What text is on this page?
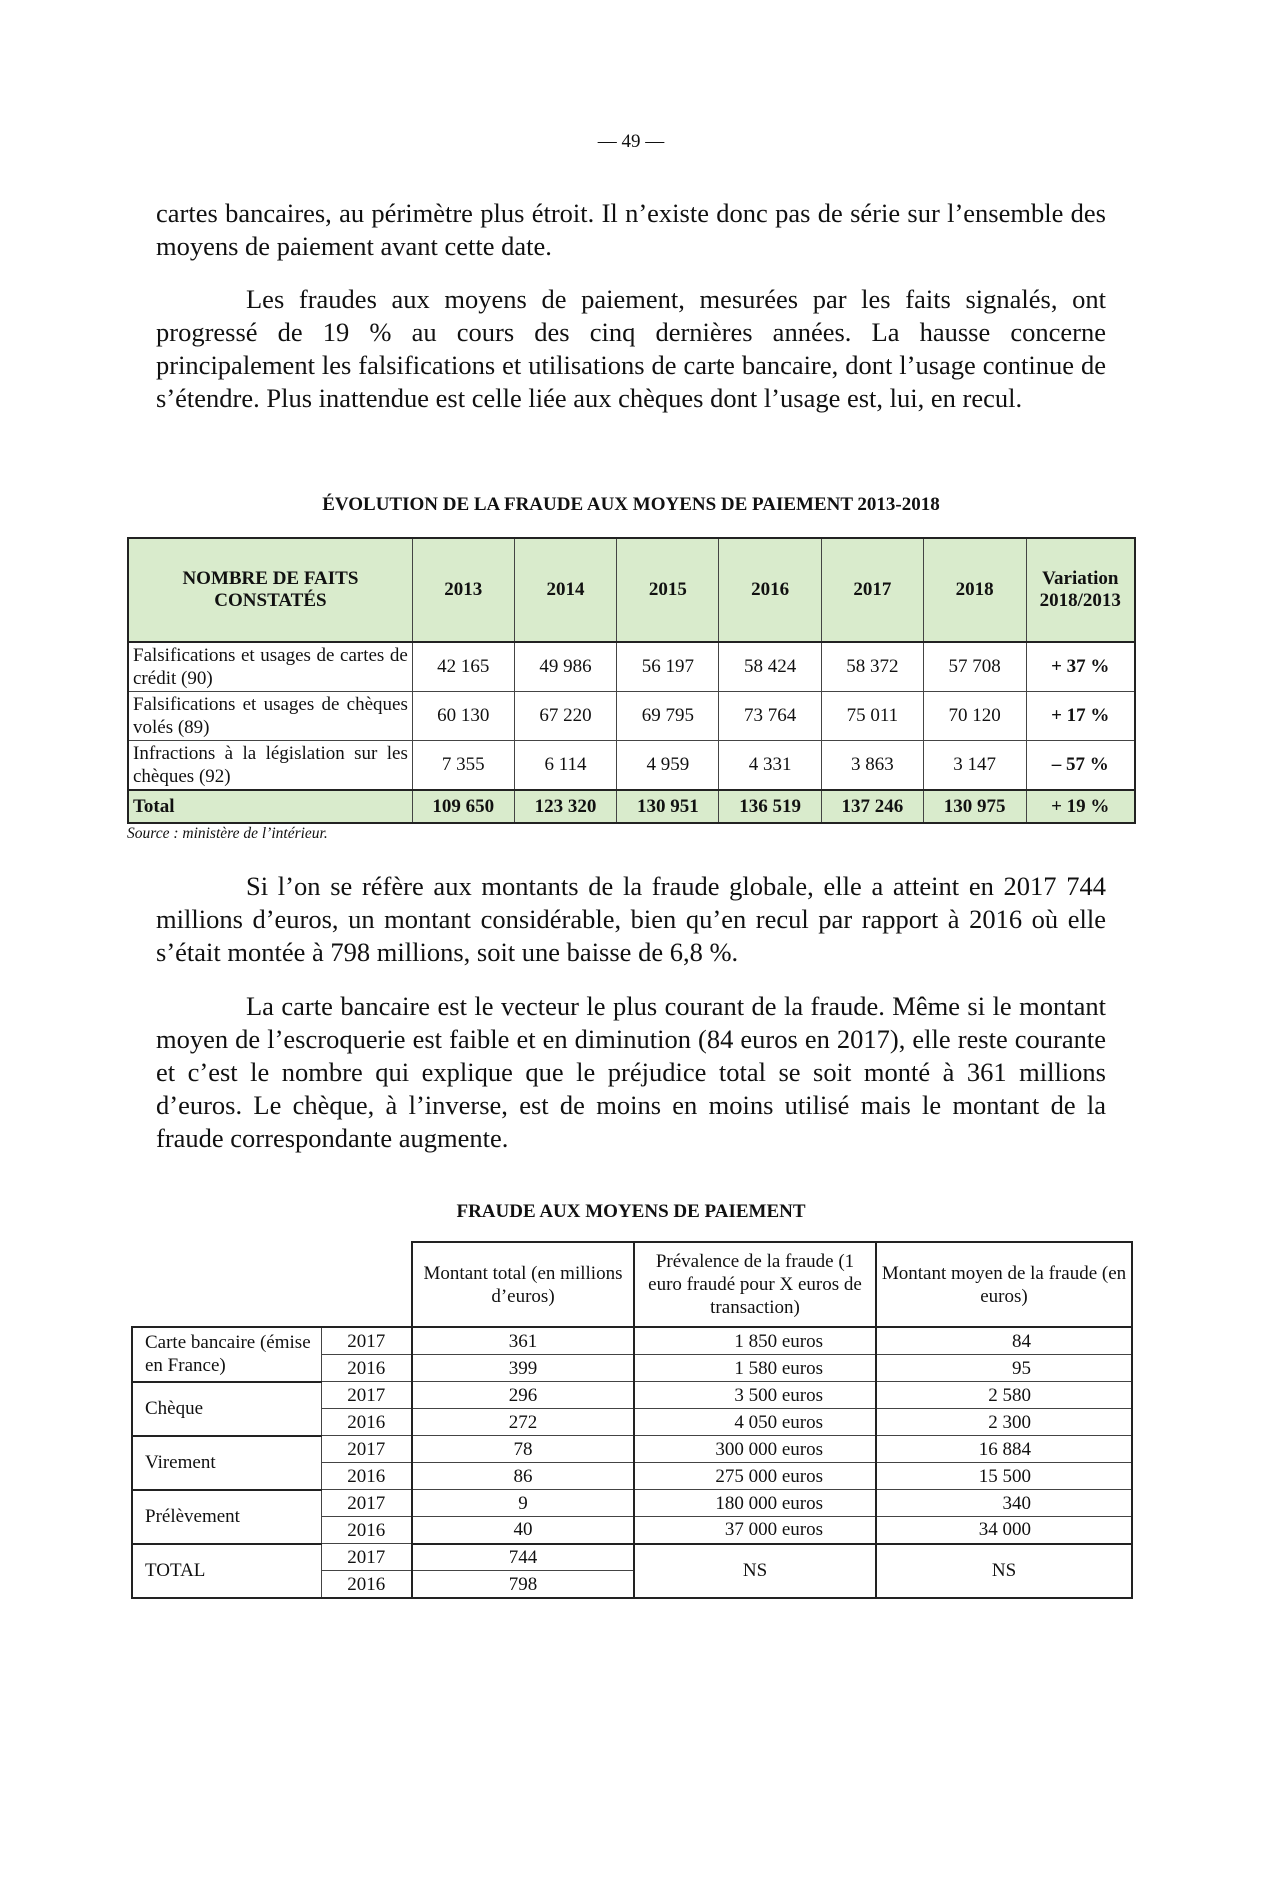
— 49 —

cartes bancaires, au périmètre plus étroit. Il n’existe donc pas de série sur l’ensemble des moyens de paiement avant cette date.

Les fraudes aux moyens de paiement, mesurées par les faits signalés, ont progressé de 19 % au cours des cinq dernières années. La hausse concerne principalement les falsifications et utilisations de carte bancaire, dont l’usage continue de s’étendre. Plus inattendue est celle liée aux chèques dont l’usage est, lui, en recul.

ÉVOLUTION DE LA FRAUDE AUX MOYENS DE PAIEMENT 2013-2018
NOMBRE DE FAITS CONSTATÉS	2013	2014	2015	2016	2017	2018	Variation 2018/2013
Falsifications et usages de cartes de crédit (90)	42 165	49 986	56 197	58 424	58 372	57 708	+ 37 %
Falsifications et usages de chèques volés (89)	60 130	67 220	69 795	73 764	75 011	70 120	+ 17 %
Infractions à la législation sur les chèques (92)	7 355	6 114	4 959	4 331	3 863	3 147	– 57 %
Total	109 650	123 320	130 951	136 519	137 246	130 975	+ 19 %

Source : ministère de l’intérieur.

Si l’on se réfère aux montants de la fraude globale, elle a atteint en 2017 744 millions d’euros, un montant considérable, bien qu’en recul par rapport à 2016 où elle s’était montée à 798 millions, soit une baisse de 6,8 %.

La carte bancaire est le vecteur le plus courant de la fraude. Même si le montant moyen de l’escroquerie est faible et en diminution (84 euros en 2017), elle reste courante et c’est le nombre qui explique que le préjudice total se soit monté à 361 millions d’euros. Le chèque, à l’inverse, est de moins en moins utilisé mais le montant de la fraude correspondante augmente.

FRAUDE AUX MOYENS DE PAIEMENT
		Montant total (en millions d’euros)	Prévalence de la fraude (1 euro fraudé pour X euros de transaction)	Montant moyen de la fraude (en euros)
Carte bancaire (émise en France)	2017	361	1 850 euros	84
	2016	399	1 580 euros	95
Chèque	2017	296	3 500 euros	2 580
	2016	272	4 050 euros	2 300
Virement	2017	78	300 000 euros	16 884
	2016	86	275 000 euros	15 500
Prélèvement	2017	9	180 000 euros	340
	2016	40	37 000 euros	34 000
TOTAL	2017	744	NS	NS
	2016	798		
